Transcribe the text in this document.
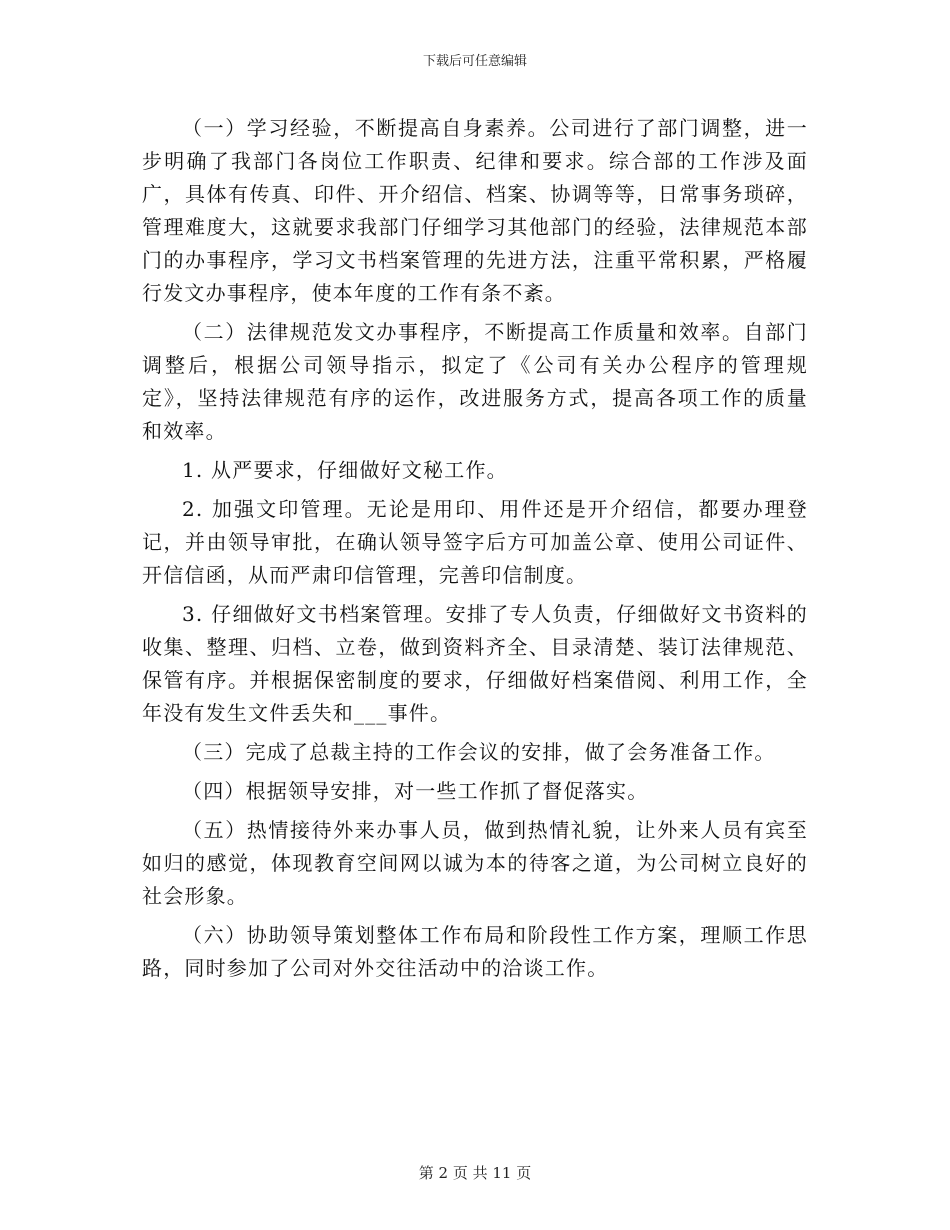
下载后可任意编辑

（一）学习经验，不断提高自身素养。公司进行了部门调整，进一步明确了我部门各岗位工作职责、纪律和要求。综合部的工作涉及面广，具体有传真、印件、开介绍信、档案、协调等等，日常事务琐碎，管理难度大，这就要求我部门仔细学习其他部门的经验，法律规范本部门的办事程序，学习文书档案管理的先进方法，注重平常积累，严格履行发文办事程序，使本年度的工作有条不紊。

（二）法律规范发文办事程序，不断提高工作质量和效率。自部门调整后，根据公司领导指示，拟定了《公司有关办公程序的管理规定》，坚持法律规范有序的运作，改进服务方式，提高各项工作的质量和效率。

1. 从严要求，仔细做好文秘工作。

2. 加强文印管理。无论是用印、用件还是开介绍信，都要办理登记，并由领导审批，在确认领导签字后方可加盖公章、使用公司证件、开信信函，从而严肃印信管理，完善印信制度。

3. 仔细做好文书档案管理。安排了专人负责，仔细做好文书资料的收集、整理、归档、立卷，做到资料齐全、目录清楚、装订法律规范、保管有序。并根据保密制度的要求，仔细做好档案借阅、利用工作，全年没有发生文件丢失和___事件。

（三）完成了总裁主持的工作会议的安排，做了会务准备工作。

（四）根据领导安排，对一些工作抓了督促落实。

（五）热情接待外来办事人员，做到热情礼貌，让外来人员有宾至如归的感觉，体现教育空间网以诚为本的待客之道，为公司树立良好的社会形象。

（六）协助领导策划整体工作布局和阶段性工作方案，理顺工作思路，同时参加了公司对外交往活动中的洽谈工作。

第 2 页 共 11 页
